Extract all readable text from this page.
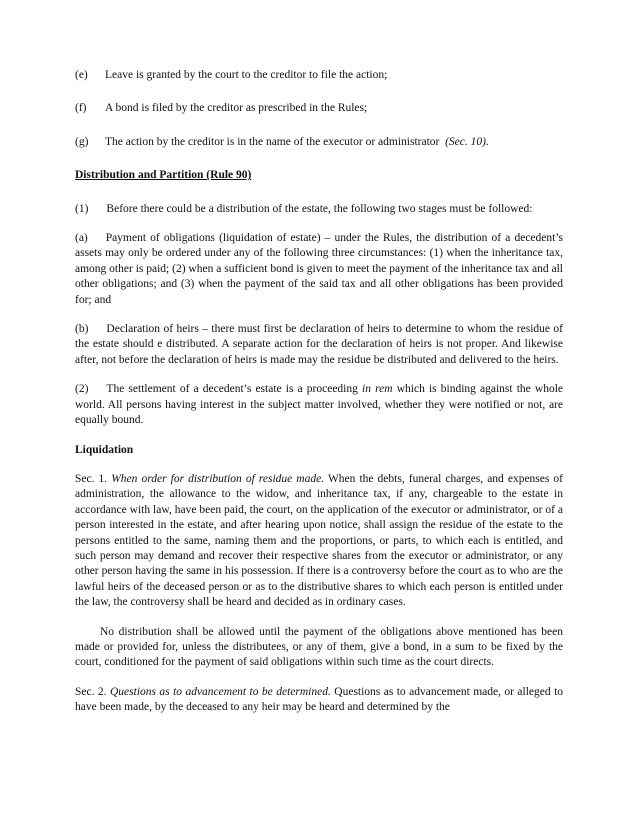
(e)	Leave is granted by the court to the creditor to file the action;
(f)	A bond is filed by the creditor as prescribed in the Rules;
(g)	The action by the creditor is in the name of the executor or administrator (Sec. 10).
Distribution and Partition (Rule 90)

(1) Before there could be a distribution of the estate, the following two stages must be followed:

(a) Payment of obligations (liquidation of estate) – under the Rules, the distribution of a decedent’s assets may only be ordered under any of the following three circumstances: (1) when the inheritance tax, among other is paid; (2) when a sufficient bond is given to meet the payment of the inheritance tax and all other obligations; and (3) when the payment of the said tax and all other obligations has been provided for; and

(b) Declaration of heirs – there must first be declaration of heirs to determine to whom the residue of the estate should e distributed. A separate action for the declaration of heirs is not proper. And likewise after, not before the declaration of heirs is made may the residue be distributed and delivered to the heirs.

(2) The settlement of a decedent’s estate is a proceeding in rem which is binding against the whole world. All persons having interest in the subject matter involved, whether they were notified or not, are equally bound.

Liquidation

Sec. 1. When order for distribution of residue made. When the debts, funeral charges, and expenses of administration, the allowance to the widow, and inheritance tax, if any, chargeable to the estate in accordance with law, have been paid, the court, on the application of the executor or administrator, or of a person interested in the estate, and after hearing upon notice, shall assign the residue of the estate to the persons entitled to the same, naming them and the proportions, or parts, to which each is entitled, and such person may demand and recover their respective shares from the executor or administrator, or any other person having the same in his possession. If there is a controversy before the court as to who are the lawful heirs of the deceased person or as to the distributive shares to which each person is entitled under the law, the controversy shall be heard and decided as in ordinary cases.

No distribution shall be allowed until the payment of the obligations above mentioned has been made or provided for, unless the distributees, or any of them, give a bond, in a sum to be fixed by the court, conditioned for the payment of said obligations within such time as the court directs.

Sec. 2. Questions as to advancement to be determined. Questions as to advancement made, or alleged to have been made, by the deceased to any heir may be heard and determined by the
